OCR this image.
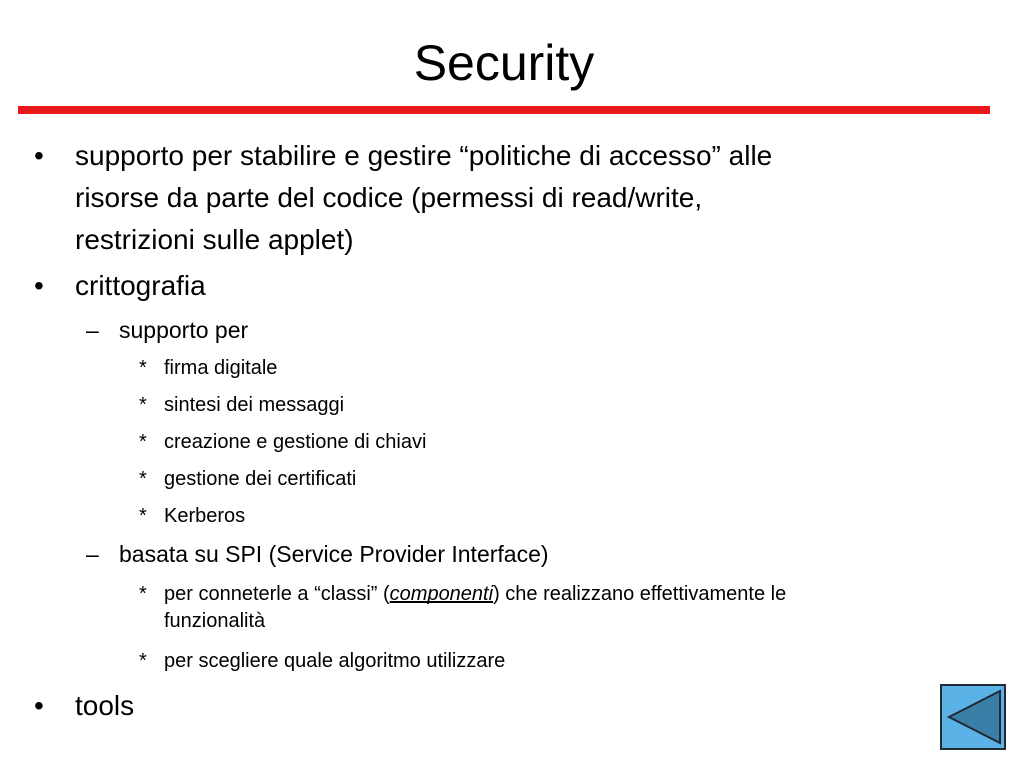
Security
• supporto per stabilire e gestire “politiche di accesso” alle
risorse da parte del codice (permessi di read/write,
restrizioni sulle applet)
• crittografia
– supporto per
* firma digitale
* sintesi dei messaggi
* creazione e gestione di chiavi
* gestione dei certificati
* Kerberos
– basata su SPI (Service Provider Interface)
* per conneterle a “classi” (componenti) che realizzano effettivamente le
funzionalità
* per scegliere quale algoritmo utilizzare
• tools
